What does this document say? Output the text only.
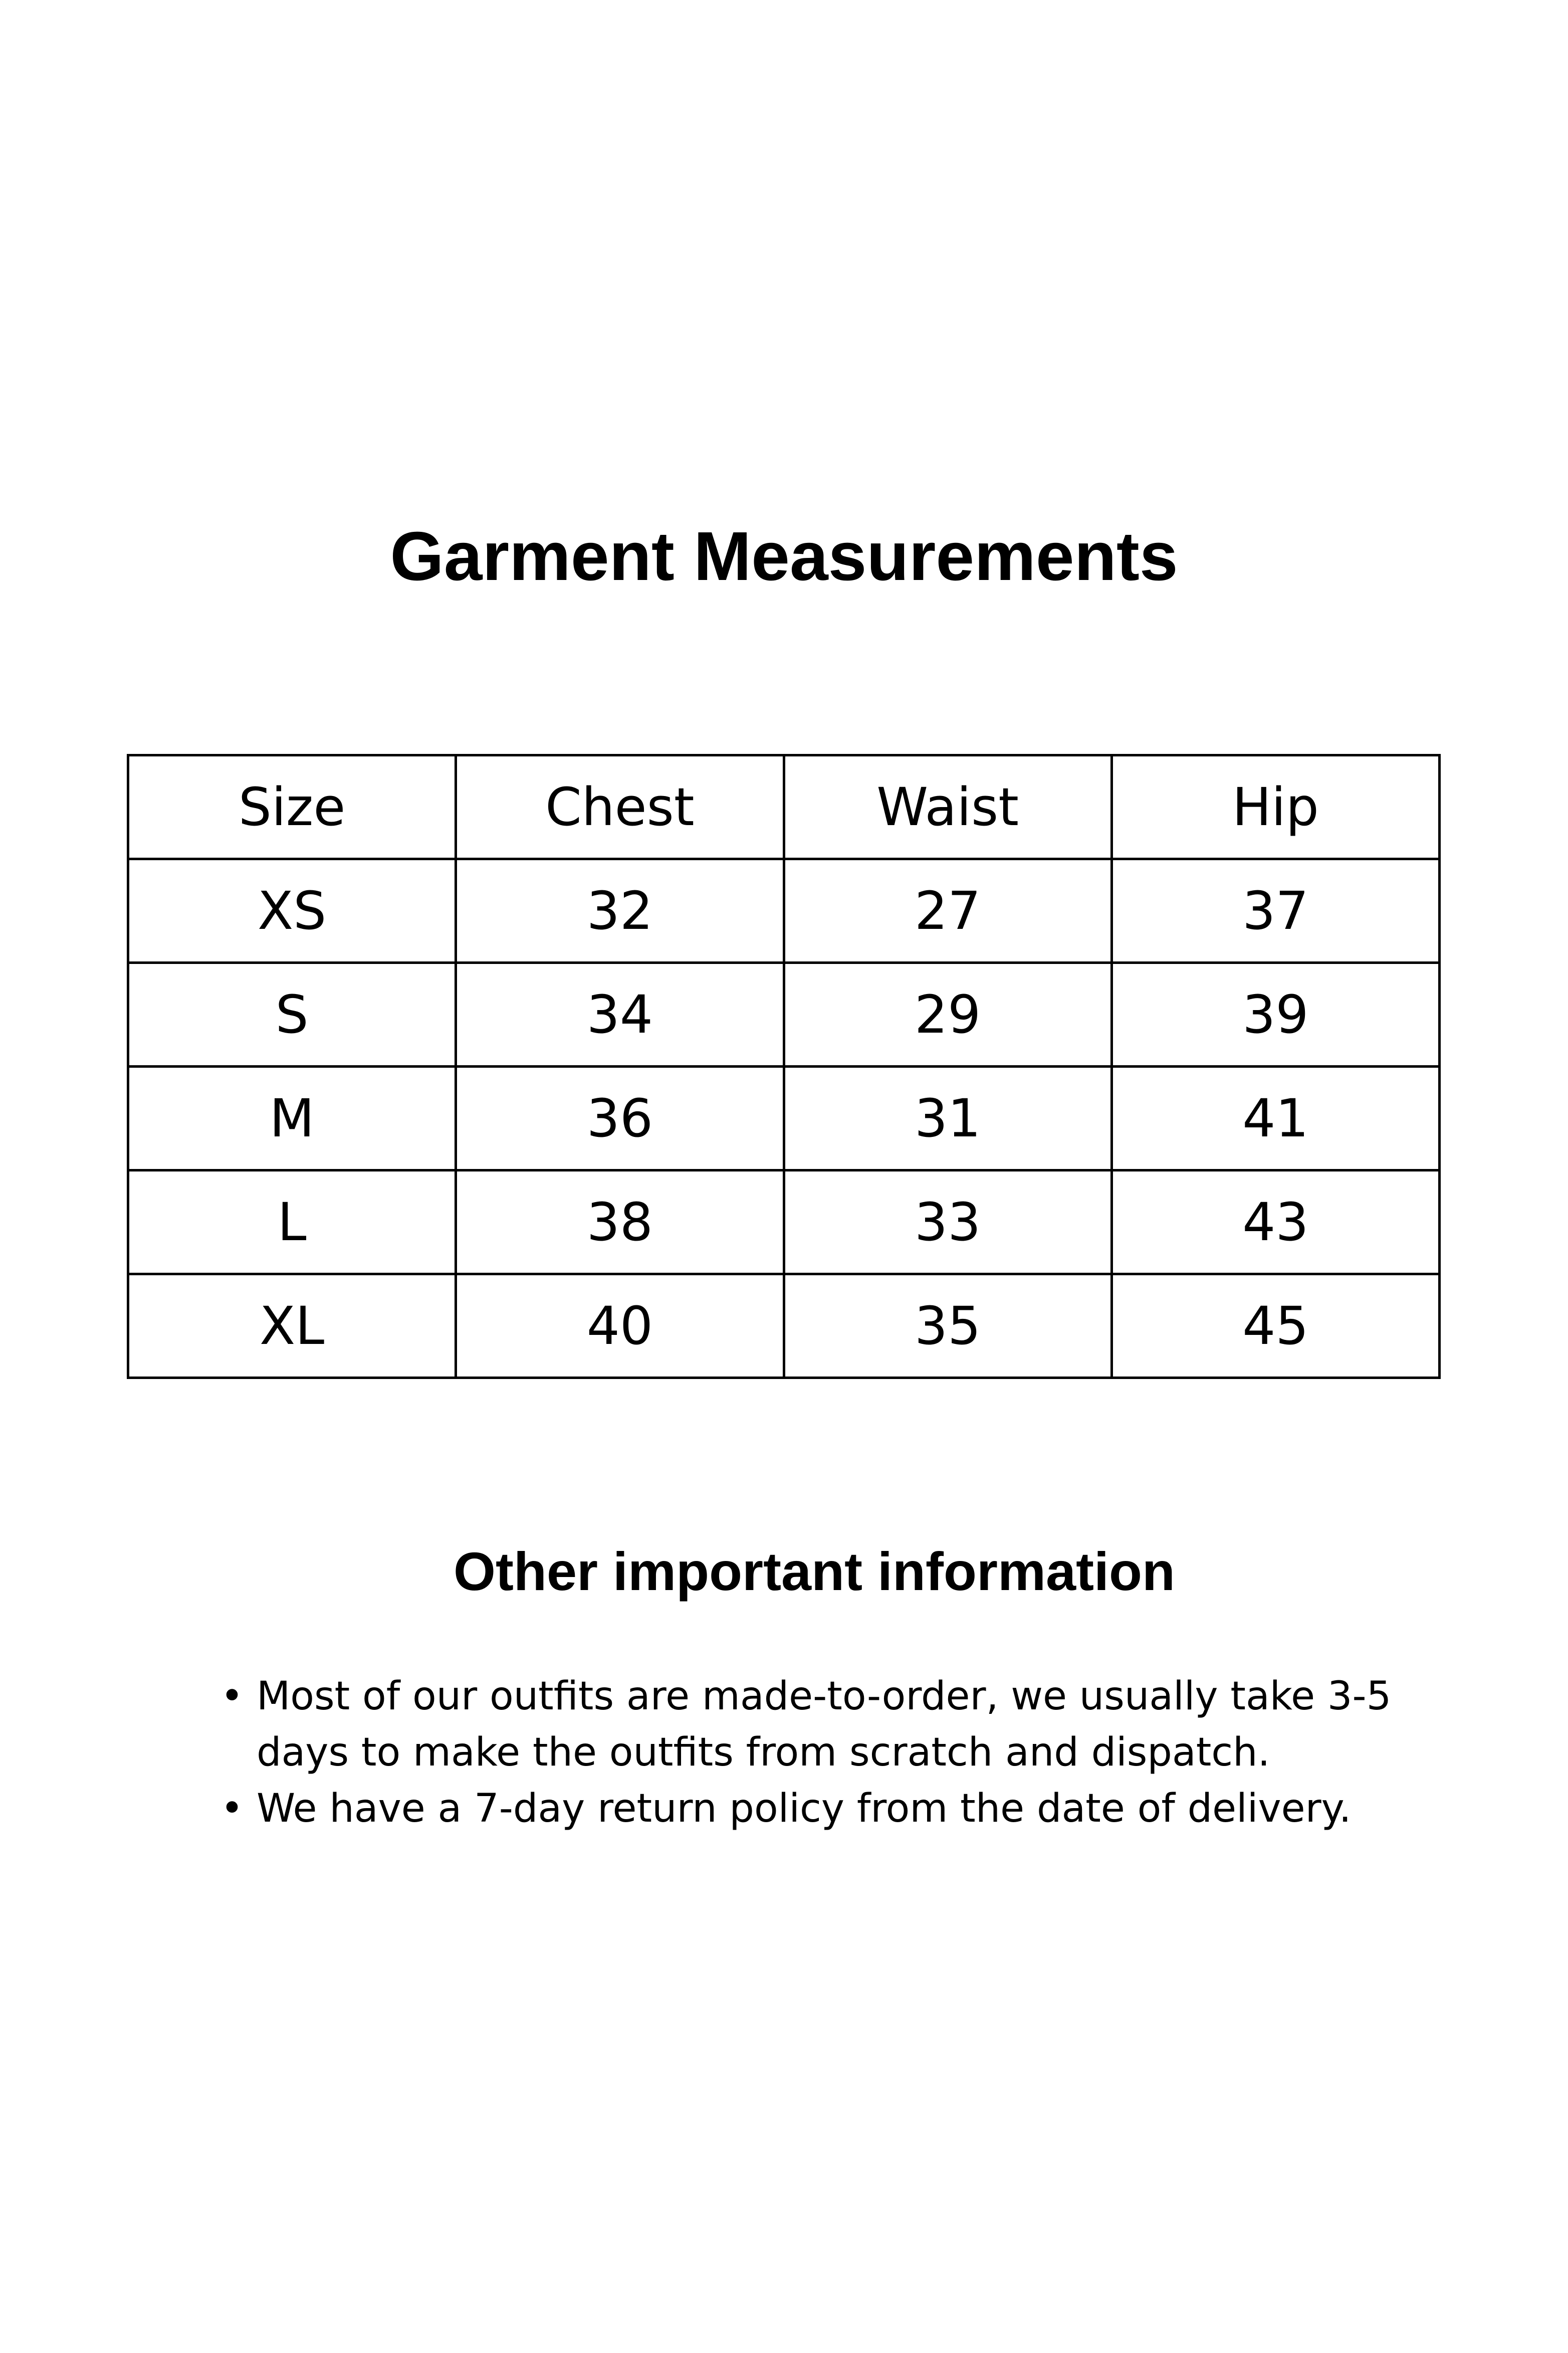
Garment Measurements
Size	Chest	Waist	Hip
XS	32	27	37
S	34	29	39
M	36	31	41
L	38	33	43
XL	40	35	45
Other important information
• Most of our outfits are made-to-order, we usually take 3-5 days to make the outfits from scratch and dispatch.
• We have a 7-day return policy from the date of delivery.
